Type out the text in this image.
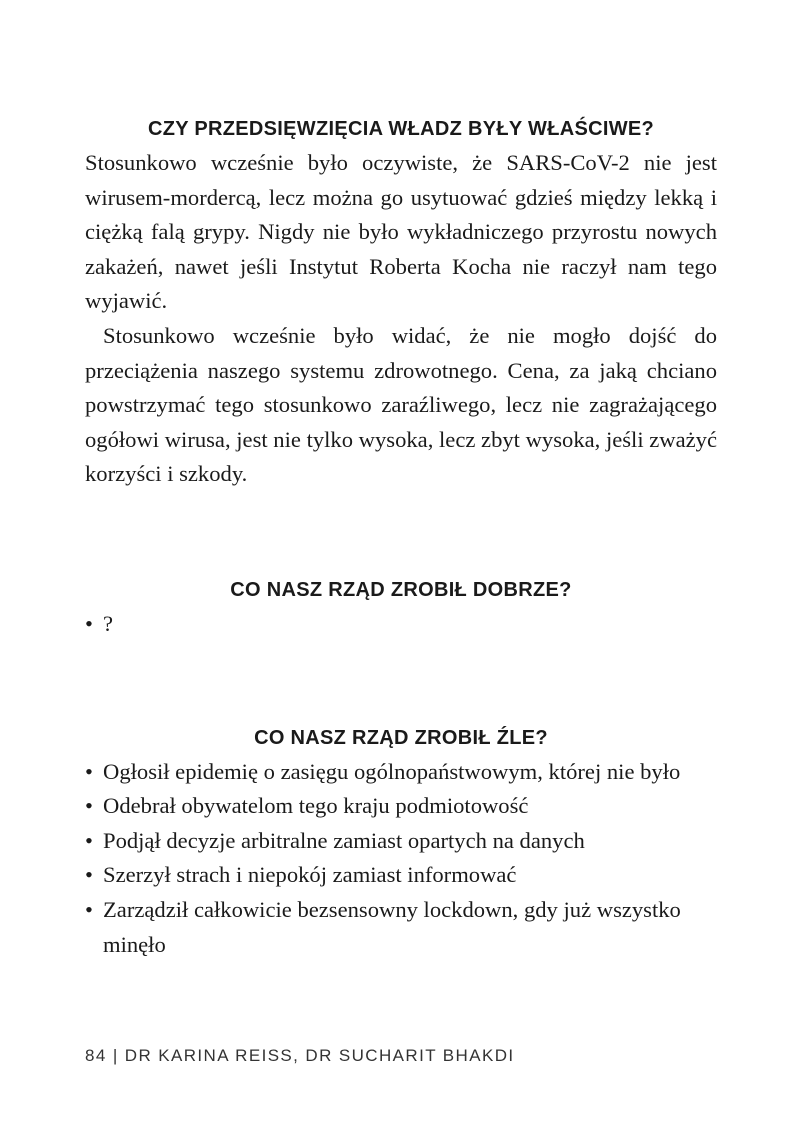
CZY PRZEDSIĘWZIĘCIA WŁADZ BYŁY WŁAŚCIWE?

Stosunkowo wcześnie było oczywiste, że SARS-CoV-2 nie jest wirusem-mordercą, lecz można go usytuować gdzieś między lekką i ciężką falą grypy. Nigdy nie było wykładniczego przyrostu nowych zakażeń, nawet jeśli Instytut Roberta Kocha nie raczył nam tego wyjawić.

Stosunkowo wcześnie było widać, że nie mogło dojść do przeciążenia naszego systemu zdrowotnego. Cena, za jaką chciano powstrzymać tego stosunkowo zaraźliwego, lecz nie zagrażającego ogółowi wirusa, jest nie tylko wysoka, lecz zbyt wysoka, jeśli zważyć korzyści i szkody.

CO NASZ RZĄD ZROBIŁ DOBRZE?
• ?
CO NASZ RZĄD ZROBIŁ ŹLE?
• Ogłosił epidemię o zasięgu ogólnopaństwowym, której nie było
• Odebrał obywatelom tego kraju podmiotowość
• Podjął decyzje arbitralne zamiast opartych na danych
• Szerzył strach i niepokój zamiast informować
• Zarządził całkowicie bezsensowny lockdown, gdy już wszystko minęło
84 | DR KARINA REISS, DR SUCHARIT BHAKDI
